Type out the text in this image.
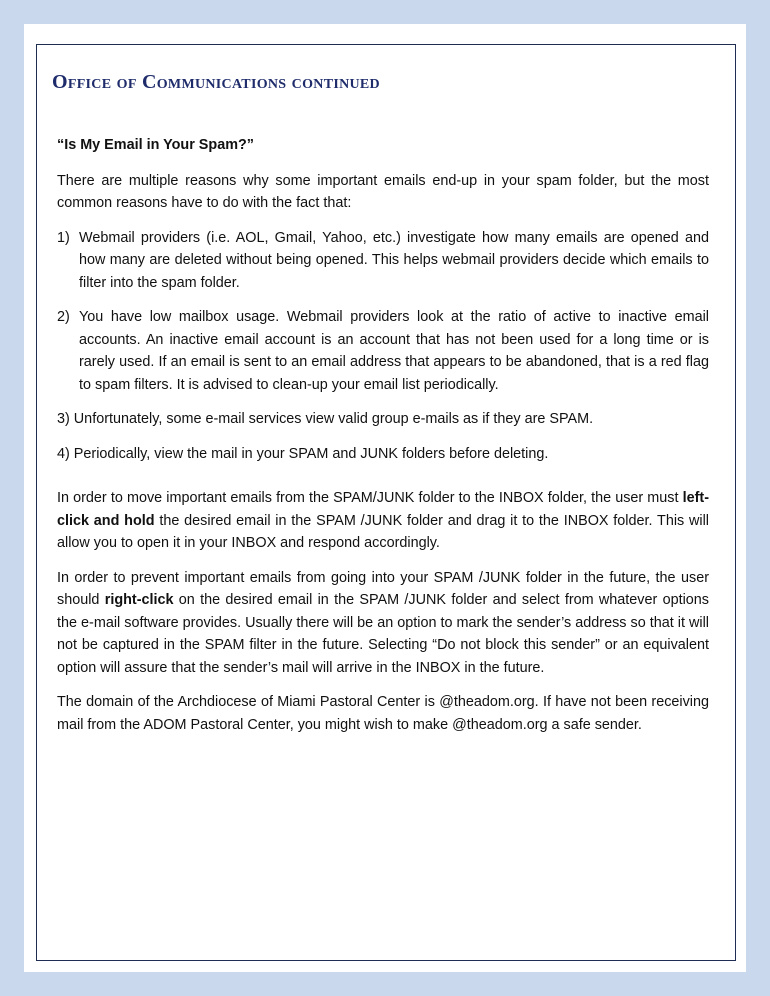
Office of Communications continued

“Is My Email in Your Spam?”

There are multiple reasons why some important emails end-up in your spam folder, but the most common reasons have to do with the fact that:

1) Webmail providers (i.e. AOL, Gmail, Yahoo, etc.) investigate how many emails are opened and how many are deleted without being opened. This helps webmail providers decide which emails to filter into the spam folder.
2) You have low mailbox usage. Webmail providers look at the ratio of active to inactive email accounts. An inactive email account is an account that has not been used for a long time or is rarely used. If an email is sent to an email address that appears to be abandoned, that is a red flag to spam filters. It is advised to clean-up your email list periodically.
3) Unfortunately, some e-mail services view valid group e-mails as if they are SPAM.
4) Periodically, view the mail in your SPAM and JUNK folders before deleting.

In order to move important emails from the SPAM/JUNK folder to the INBOX folder, the user must left-click and hold the desired email in the SPAM /JUNK folder and drag it to the INBOX folder. This will allow you to open it in your INBOX and respond accordingly.

In order to prevent important emails from going into your SPAM /JUNK folder in the future, the user should right-click on the desired email in the SPAM /JUNK folder and select from whatever options the e-mail software provides. Usually there will be an option to mark the sender’s address so that it will not be captured in the SPAM filter in the future. Selecting “Do not block this sender” or an equivalent option will assure that the sender’s mail will arrive in the INBOX in the future.

The domain of the Archdiocese of Miami Pastoral Center is @theadom.org. If have not been receiving mail from the ADOM Pastoral Center, you might wish to make @theadom.org a safe sender.
